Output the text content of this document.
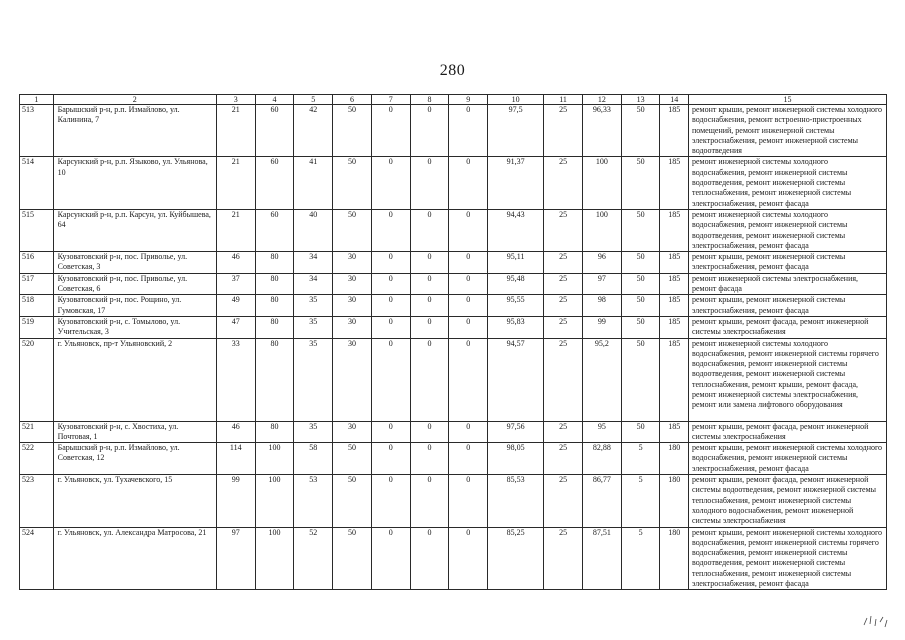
280
1	2	3	4	5	6	7	8	9	10	11	12	13	14	15
513	Барышский р-н, р.п. Измайлово, ул. Калинина, 7	21	60	42	50	0	0	0	97,5	25	96,33	50	185	ремонт крыши, ремонт инженерной системы холодного водоснабжения, ремонт встроенно-пристроенных помещений, ремонт инженерной системы электроснабжения, ремонт инженерной системы водоотведения
514	Карсунский р-н, р.п. Языково, ул. Ульянова, 10	21	60	41	50	0	0	0	91,37	25	100	50	185	ремонт инженерной системы холодного водоснабжения, ремонт инженерной системы водоотведения, ремонт инженерной системы теплоснабжения, ремонт инженерной системы электроснабжения, ремонт фасада
515	Карсунский р-н, р.п. Карсун, ул. Куйбышева, 64	21	60	40	50	0	0	0	94,43	25	100	50	185	ремонт инженерной системы холодного водоснабжения, ремонт инженерной системы водоотведения, ремонт инженерной системы электроснабжения, ремонт фасада
516	Кузоватовский р-н, пос. Приволье, ул. Советская, 3	46	80	34	30	0	0	0	95,11	25	96	50	185	ремонт крыши, ремонт инженерной системы электроснабжения, ремонт фасада
517	Кузоватовский р-н, пос. Приволье, ул. Советская, 6	37	80	34	30	0	0	0	95,48	25	97	50	185	ремонт инженерной системы электроснабжения, ремонт фасада
518	Кузоватовский р-н, пос. Рощино, ул. Гумовская, 17	49	80	35	30	0	0	0	95,55	25	98	50	185	ремонт крыши, ремонт инженерной системы электроснабжения, ремонт фасада
519	Кузоватовский р-н, с. Томылово, ул. Учительская, 3	47	80	35	30	0	0	0	95,83	25	99	50	185	ремонт крыши, ремонт фасада, ремонт инженерной системы электроснабжения
520	г. Ульяновск, пр-т Ульяновский, 2	33	80	35	30	0	0	0	94,57	25	95,2	50	185	ремонт инженерной системы холодного водоснабжения, ремонт инженерной системы горячего водоснабжения, ремонт инженерной системы водоотведения, ремонт инженерной системы теплоснабжения, ремонт крыши, ремонт фасада, ремонт инженерной системы электроснабжения, ремонт или замена лифтового оборудования
521	Кузоватовский р-н, с. Хвостиха, ул. Почтовая, 1	46	80	35	30	0	0	0	97,56	25	95	50	185	ремонт крыши, ремонт фасада, ремонт инженерной системы электроснабжения
522	Барышский р-н, р.п. Измайлово, ул. Советская, 12	114	100	58	50	0	0	0	98,05	25	82,88	5	180	ремонт крыши, ремонт инженерной системы холодного водоснабжения, ремонт инженерной системы электроснабжения, ремонт фасада
523	г. Ульяновск, ул. Тухачевского, 15	99	100	53	50	0	0	0	85,53	25	86,77	5	180	ремонт крыши, ремонт фасада, ремонт инженерной системы водоотведения, ремонт инженерной системы теплоснабжения, ремонт инженерной системы холодного водоснабжения, ремонт инженерной системы электроснабжения
524	г. Ульяновск, ул. Александра Матросова, 21	97	100	52	50	0	0	0	85,25	25	87,51	5	180	ремонт крыши, ремонт инженерной системы холодного водоснабжения, ремонт инженерной системы горячего водоснабжения, ремонт инженерной системы водоотведения, ремонт инженерной системы теплоснабжения, ремонт инженерной системы электроснабжения, ремонт фасада
